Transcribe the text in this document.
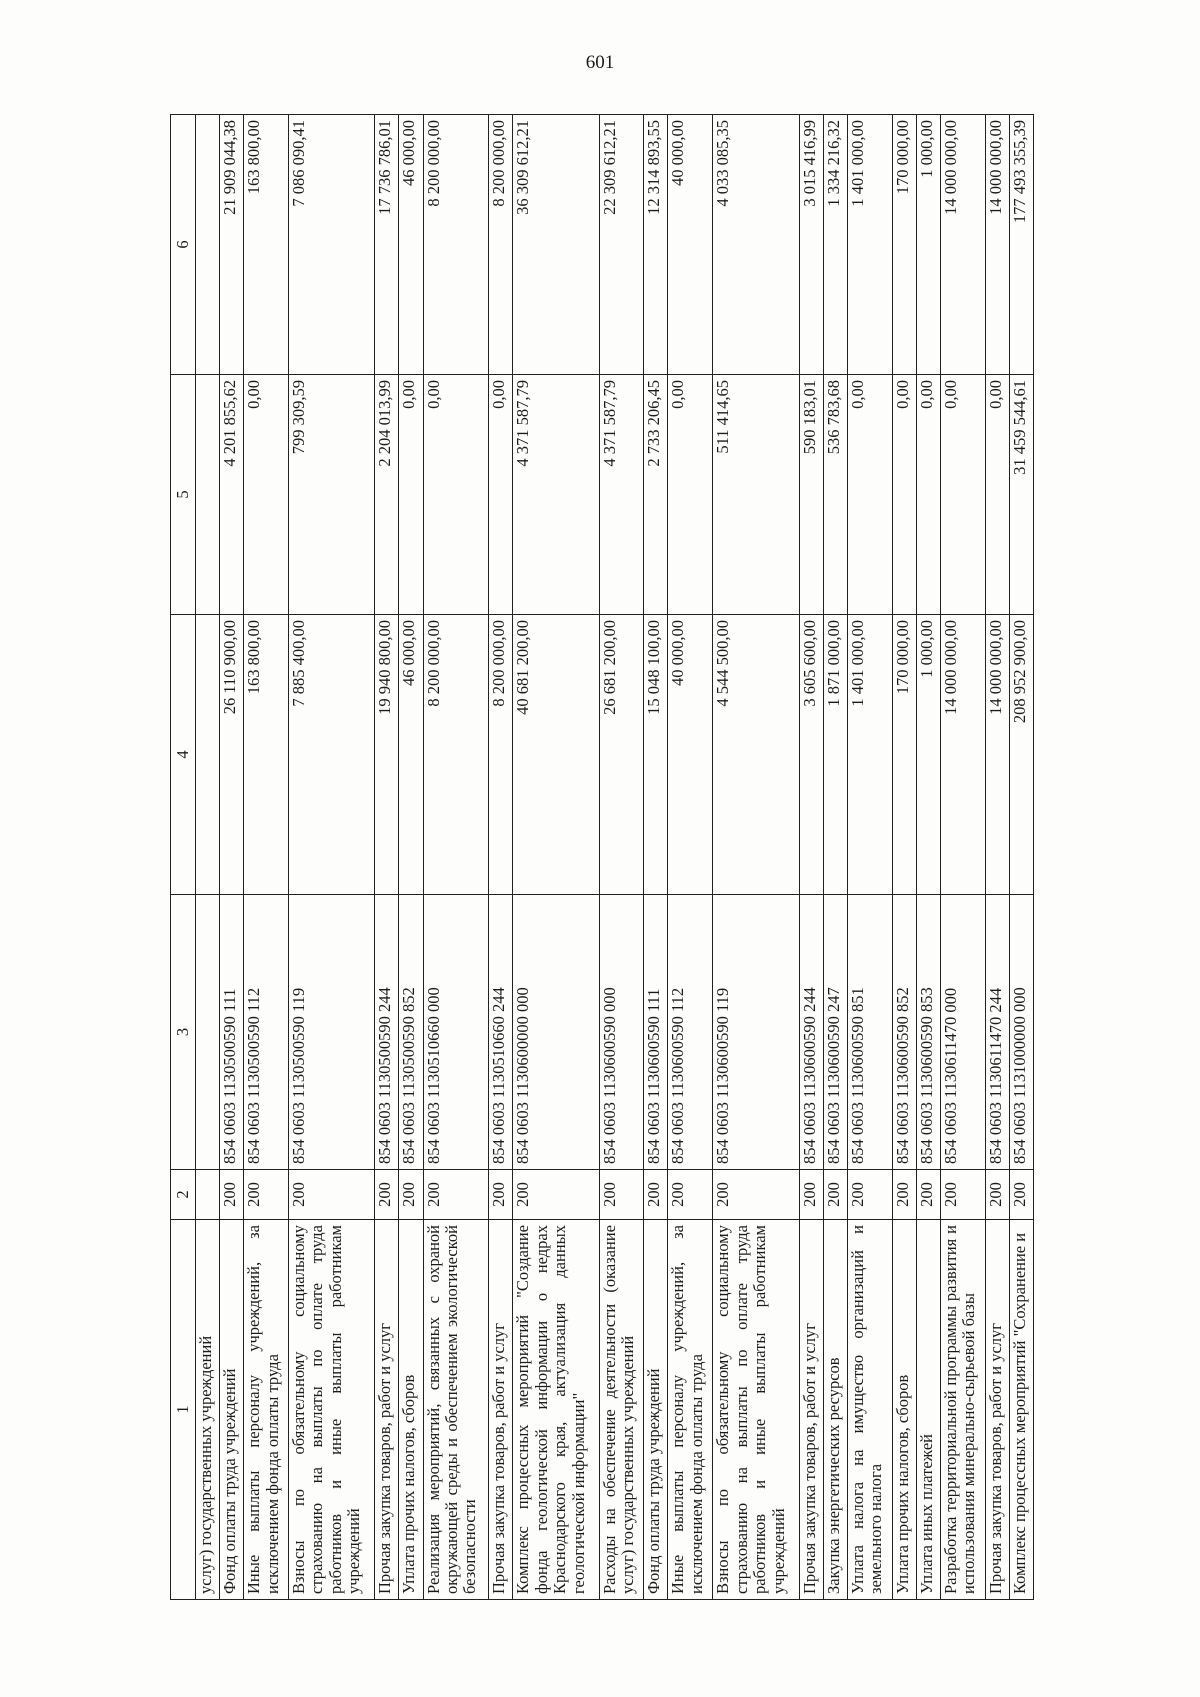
601
1	2	3	4	5	6
услуг) государственных учреждений					
Фонд оплаты труда учреждений	200	854 0603 1130500590 111	26 110 900,00	4 201 855,62	21 909 044,38
Иные выплаты персоналу учреждений, за исключением фонда оплаты труда	200	854 0603 1130500590 112	163 800,00	0,00	163 800,00
Взносы по обязательному социальному страхованию на выплаты по оплате труда работников и иные выплаты работникам учреждений	200	854 0603 1130500590 119	7 885 400,00	799 309,59	7 086 090,41
Прочая закупка товаров, работ и услуг	200	854 0603 1130500590 244	19 940 800,00	2 204 013,99	17 736 786,01
Уплата прочих налогов, сборов	200	854 0603 1130500590 852	46 000,00	0,00	46 000,00
Реализация мероприятий, связанных с охраной окружающей среды и обеспечением экологической безопасности	200	854 0603 1130510660 000	8 200 000,00	0,00	8 200 000,00
Прочая закупка товаров, работ и услуг	200	854 0603 1130510660 244	8 200 000,00	0,00	8 200 000,00
Комплекс процессных мероприятий "Создание фонда геологической информации о недрах Краснодарского края, актуализация данных геологической информации"	200	854 0603 1130600000 000	40 681 200,00	4 371 587,79	36 309 612,21
Расходы на обеспечение деятельности (оказание услуг) государственных учреждений	200	854 0603 1130600590 000	26 681 200,00	4 371 587,79	22 309 612,21
Фонд оплаты труда учреждений	200	854 0603 1130600590 111	15 048 100,00	2 733 206,45	12 314 893,55
Иные выплаты персоналу учреждений, за исключением фонда оплаты труда	200	854 0603 1130600590 112	40 000,00	0,00	40 000,00
Взносы по обязательному социальному страхованию на выплаты по оплате труда работников и иные выплаты работникам учреждений	200	854 0603 1130600590 119	4 544 500,00	511 414,65	4 033 085,35
Прочая закупка товаров, работ и услуг	200	854 0603 1130600590 244	3 605 600,00	590 183,01	3 015 416,99
Закупка энергетических ресурсов	200	854 0603 1130600590 247	1 871 000,00	536 783,68	1 334 216,32
Уплата налога на имущество организаций и земельного налога	200	854 0603 1130600590 851	1 401 000,00	0,00	1 401 000,00
Уплата прочих налогов, сборов	200	854 0603 1130600590 852	170 000,00	0,00	170 000,00
Уплата иных платежей	200	854 0603 1130600590 853	1 000,00	0,00	1 000,00
Разработка территориальной программы развития и использования минерально-сырьевой базы	200	854 0603 1130611470 000	14 000 000,00	0,00	14 000 000,00
Прочая закупка товаров, работ и услуг	200	854 0603 1130611470 244	14 000 000,00	0,00	14 000 000,00
Комплекс процессных мероприятий "Сохранение и	200	854 0603 1131000000 000	208 952 900,00	31 459 544,61	177 493 355,39
